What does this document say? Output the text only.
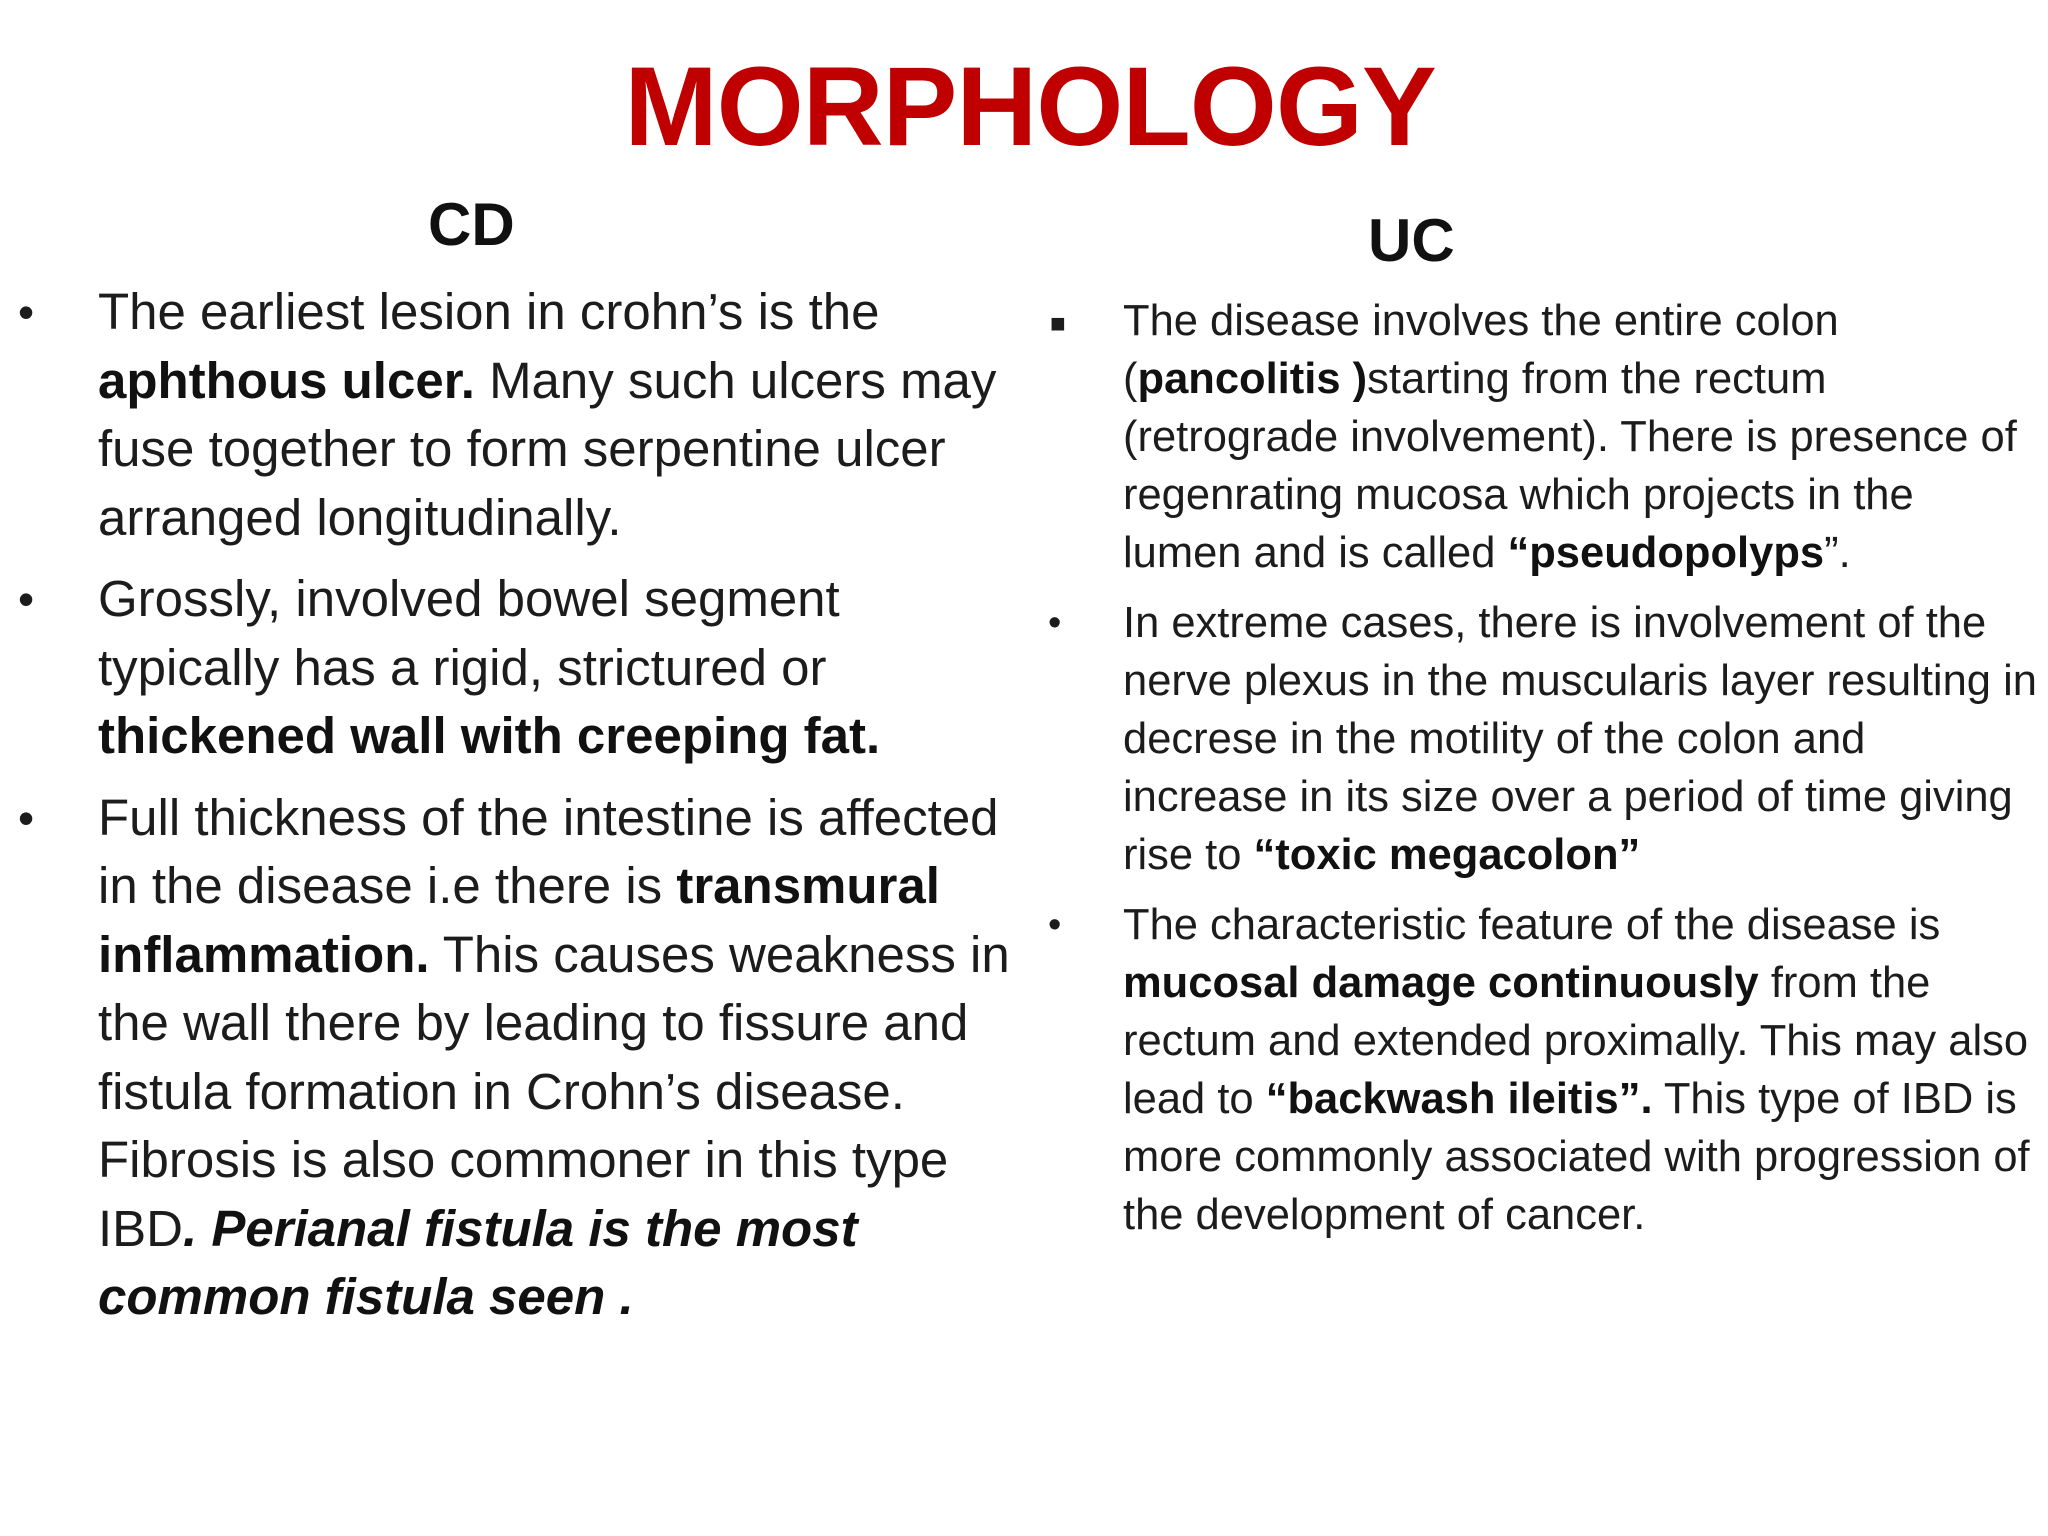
MORPHOLOGY
CD	UC
• The earliest lesion in crohn’s is the aphthous ulcer. Many such ulcers may fuse together to form serpentine ulcer arranged longitudinally.
• Grossly, involved bowel segment typically has a rigid, strictured or thickened wall with creeping fat.
• Full thickness of the intestine is affected in the disease i.e there is transmural inflammation. This causes weakness in the wall there by leading to fissure and fistula formation in Crohn’s disease. Fibrosis is also commoner in this type IBD. Perianal fistula is the most common fistula seen .
■ The disease involves the entire colon (pancolitis )starting from the rectum (retrograde involvement). There is presence of regenrating mucosa which projects in the lumen and is called “pseudopolyps”.
• In extreme cases, there is involvement of the nerve plexus in the muscularis layer resulting in decrese in the motility of the colon and increase in its size over a period of time giving rise to “toxic megacolon”
• The characteristic feature of the disease is mucosal damage continuously from the rectum and extended proximally. This may also lead to “backwash ileitis”. This type of IBD is more commonly associated with progression of the development of cancer.
